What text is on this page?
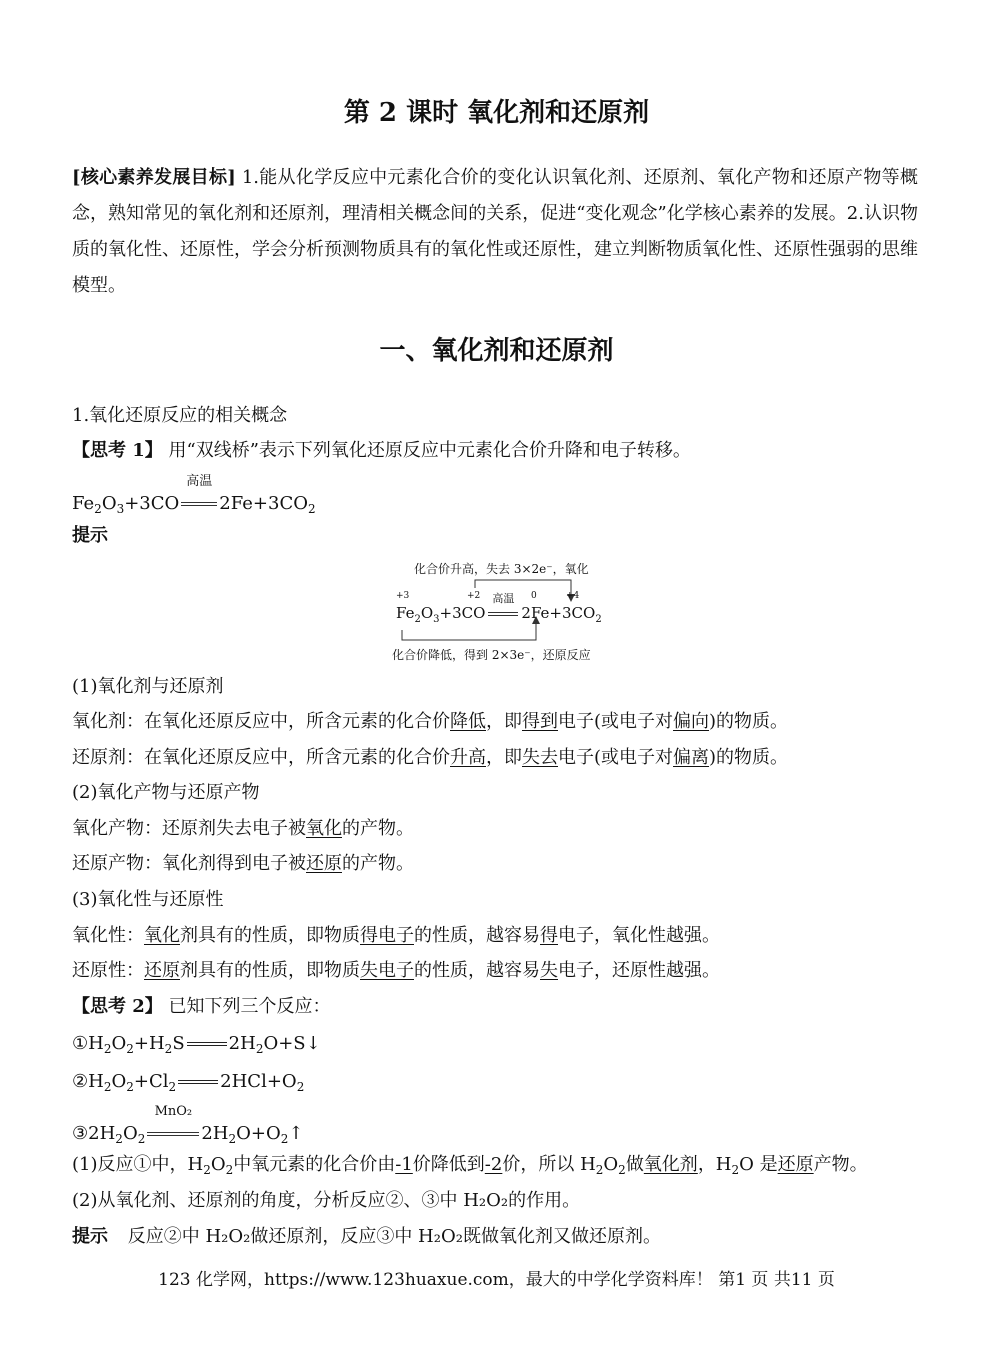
第 2 课时 氧化剂和还原剂
[核心素养发展目标] 1.能从化学反应中元素化合价的变化认识氧化剂、还原剂、氧化产物和还原产物等概念，熟知常见的氧化剂和还原剂，理清相关概念间的关系，促进“变化观念”化学核心素养的发展。2.认识物质的氧化性、还原性，学会分析预测物质具有的氧化性或还原性，建立判断物质氧化性、还原性强弱的思维模型。
一、氧化剂和还原剂
1.氧化还原反应的相关概念
【思考 1】 用“双线桥”表示下列氧化还原反应中元素化合价升降和电子转移。
$Fe_2O_3+3CO$
高温
$2Fe+3CO_2$
提示
化合价升高，失去 3×2e⁻，氧化
+3	+2	0	+4
$Fe_2O_3+3CO$
高温
$2Fe+3CO_2$
化合价降低，得到 2×3e⁻，还原反应
(1)氧化剂与还原剂
氧化剂：在氧化还原反应中，所含元素的化合价降低，即得到电子(或电子对偏向)的物质。
还原剂：在氧化还原反应中，所含元素的化合价升高，即失去电子(或电子对偏离)的物质。
(2)氧化产物与还原产物
氧化产物：还原剂失去电子被氧化的产物。
还原产物：氧化剂得到电子被还原的产物。
(3)氧化性与还原性
氧化性：氧化剂具有的性质，即物质得电子的性质，越容易得电子，氧化性越强。
还原性：还原剂具有的性质，即物质失电子的性质，越容易失电子，还原性越强。
【思考 2】 已知下列三个反应：
$①H_2O_2+H_2S$ $2H_2O+S↓$
$②H_2O_2+Cl_2$ $2HCl+O_2$
$③2H_2O_2$
MnO₂
$2H_2O+O_2↑$
(1)反应①中，$H_2O_2$中氧元素的化合价由-1价降低到-2价，所以 $H_2O_2$做氧化剂，$H_2O$ 是还原产物。
(2)从氧化剂、还原剂的角度，分析反应②、③中 H₂O₂的作用。
提示 反应②中 H₂O₂做还原剂，反应③中 H₂O₂既做氧化剂又做还原剂。
123 化学网，https://www.123huaxue.com，最大的中学化学资料库！ 第1 页 共11 页
